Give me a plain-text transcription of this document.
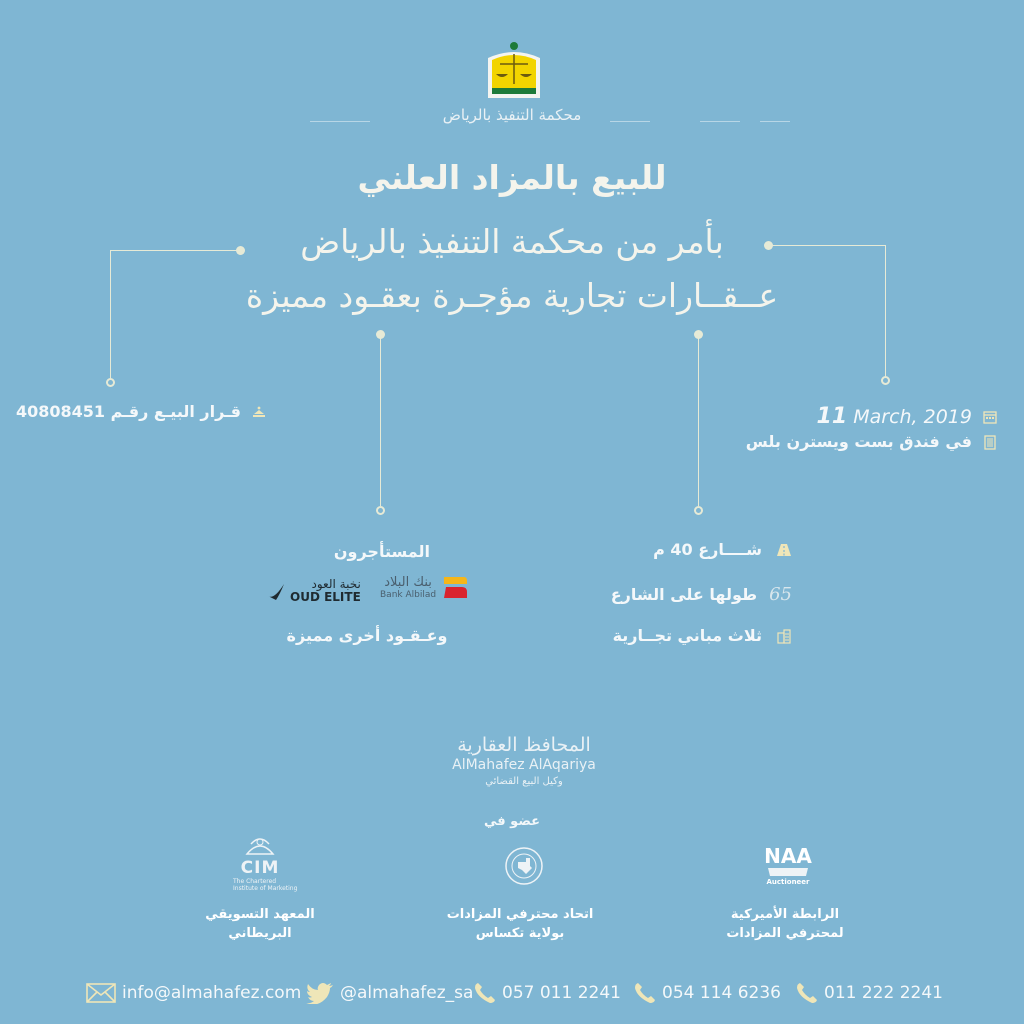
محكمة التنفيذ بالرياض
للبيع بالمزاد العلني
بأمر من محكمة التنفيذ بالرياض
عــقــارات تجارية مؤجـرة بعقـود مميزة
قـرار البيـع رقـم 40808451	11 March, 2019
في فندق بست ويسترن بلس
شــــارع 40 م
طولها على الشارع 65
ثلاث مباني تجــارية
المستأجرون
بنك البلاد
Bank Albilad
نخبة العود
OUD ELITE
وعـقـود أخرى مميزة
المحافظ العقارية
AlMahafez AlAqariya
وكيل البيع القضائي
عضو في
CIM
The Chartered
Institute of Marketing
المعهد التسويقي
البريطاني
اتحاد محترفي المزادات
بولاية تكساس
NAA
Auctioneer
الرابطة الأميركية
لمحترفي المزادات
info@almahafez.com @almahafez_sa 057 011 2241 054 114 6236	011 222 2241
